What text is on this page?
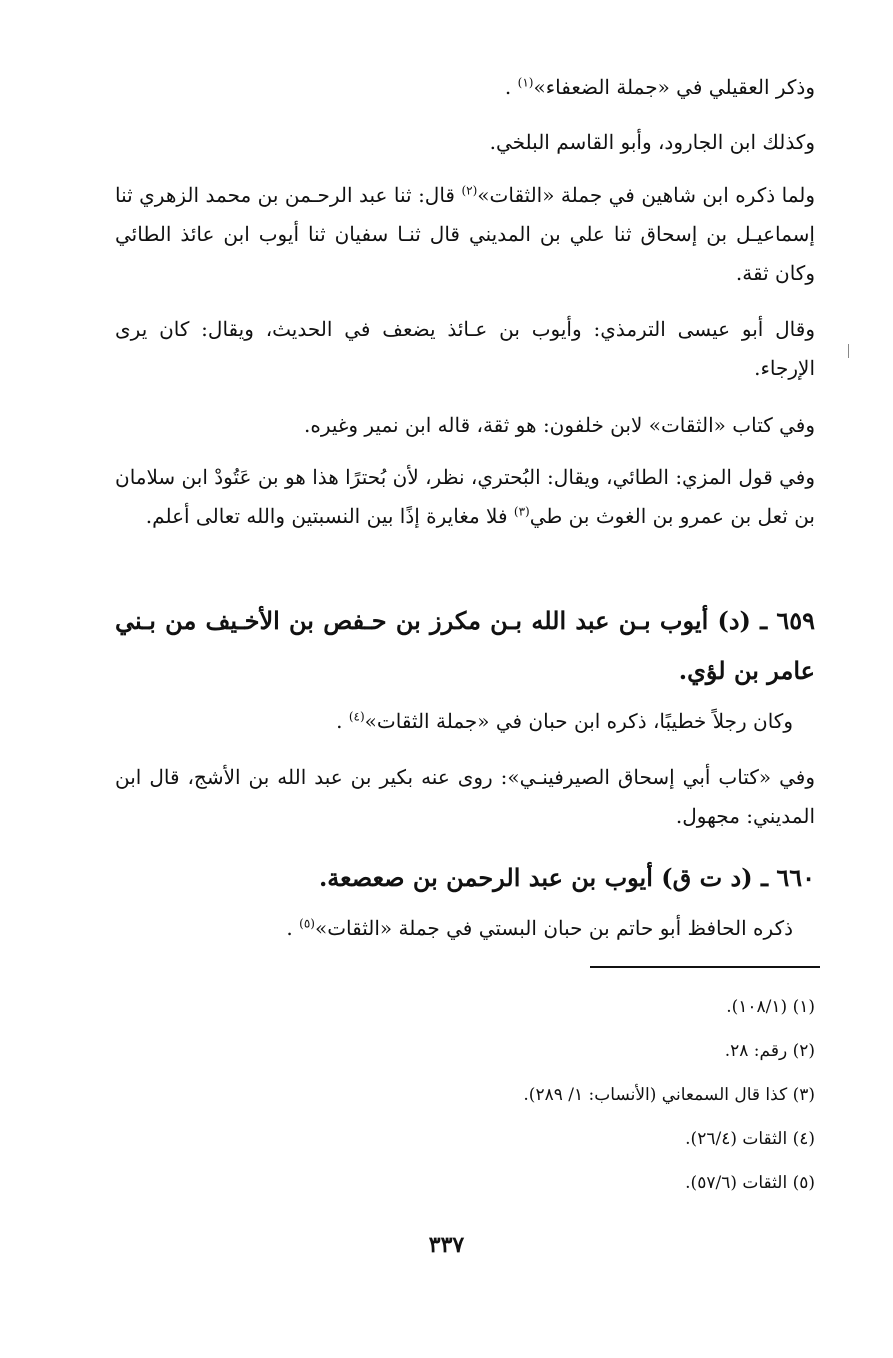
وذكر العقيلي في «جملة الضعفاء»$^{(١)}$ .
وكذلك ابن الجارود، وأبو القاسم البلخي.
ولما ذكره ابن شاهين في جملة «الثقات»$^{(٢)}$ قال: ثنا عبد الرحـمن بن محمد الزهري ثنا إسماعيـل بن إسحاق ثنا علي بن المديني قال ثنـا سفيان ثنا أيوب ابن عائذ الطائي وكان ثقة.
وقال أبو عيسى الترمذي: وأيوب بن عـائذ يضعف في الحديث، ويقال: كان يرى الإرجاء.
وفي كتاب «الثقات» لابن خلفون: هو ثقة، قاله ابن نمير وغيره.
وفي قول المزي: الطائي، ويقال: البُحتري، نظر، لأن بُحترًا هذا هو بن عَتُودْ ابن سلامان بن ثعل بن عمرو بن الغوث بن طي$^{(٣)}$ فلا مغايرة إذًا بين النسبتين والله تعالى أعلم.
٦٥٩ ـ (د) أيوب بـن عبد الله بـن مكرز بن حـفص بن الأخـيف من بـني عامر بن لؤي.
وكان رجلاً خطيبًا، ذكره ابن حبان في «جملة الثقات»$^{(٤)}$ .
وفي «كتاب أبي إسحاق الصيرفينـي»: روى عنه بكير بن عبد الله بن الأشج، قال ابن المديني: مجهول.
٦٦٠ ـ (د ت ق) أيوب بن عبد الرحمن بن صعصعة.
ذكره الحافظ أبو حاتم بن حبان البستي في جملة «الثقات»$^{(٥)}$ .
(١) (١٠٨/١).
(٢) رقم: ٢٨.
(٣) كذا قال السمعاني (الأنساب: ١/ ٢٨٩).
(٤) الثقات (٢٦/٤).
(٥) الثقات (٥٧/٦).
٣٣٧
